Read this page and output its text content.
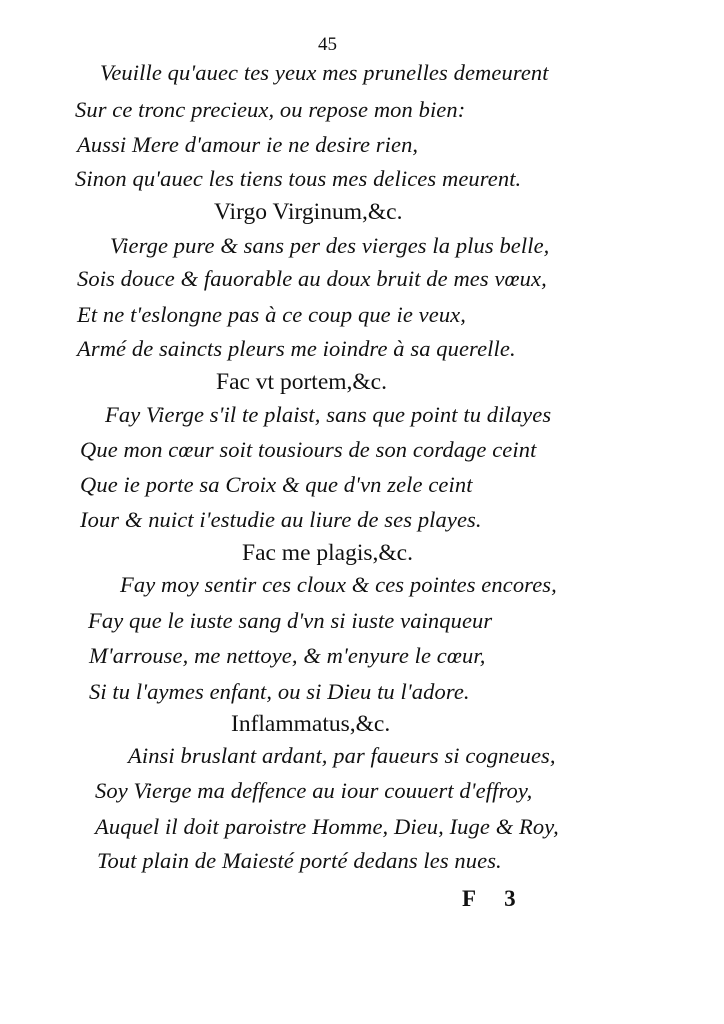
45
Veuille qu'auec tes yeux mes prunelles demeurent
Sur ce tronc precieux, ou repose mon bien:
Aussi Mere d'amour ie ne desire rien,
Sinon qu'auec les tiens tous mes delices meurent.
Virgo Virginum,&c.
Vierge pure & sans per des vierges la plus belle,
Sois douce & fauorable au doux bruit de mes vœux,
Et ne t'eslongne pas à ce coup que ie veux,
Armé de saincts pleurs me ioindre à sa querelle.
Fac vt portem,&c.
Fay Vierge s'il te plaist, sans que point tu dilayes
Que mon cœur soit tousiours de son cordage ceint
Que ie porte sa Croix & que d'vn zele ceint
Iour & nuict i'estudie au liure de ses playes.
Fac me plagis,&c.
Fay moy sentir ces cloux & ces pointes encores,
Fay que le iuste sang d'vn si iuste vainqueur
M'arrouse, me nettoye, & m'enyure le cœur,
Si tu l'aymes enfant, ou si Dieu tu l'adore.
Inflammatus,&c.
Ainsi bruslant ardant, par faueurs si cogneues,
Soy Vierge ma deffence au iour couuert d'effroy,
Auquel il doit paroistre Homme, Dieu, Iuge & Roy,
Tout plain de Maiesté porté dedans les nues.
F 3
